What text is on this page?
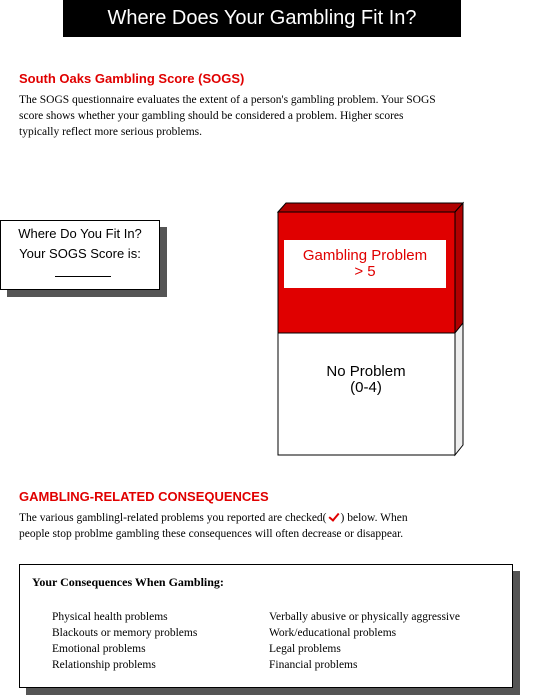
Where Does Your Gambling Fit In?
South Oaks Gambling Score (SOGS)

The SOGS questionnaire evaluates the extent of a person's gambling problem. Your SOGS

score shows whether your gambling should be considered a problem. Higher scores

typically reflect more serious problems.

Where Do You Fit In?
Your SOGS Score is:	Gambling Problem
> 5
No Problem
(0-4)
GAMBLING-RELATED CONSEQUENCES

The various gamblingl-related problems you reported are checked( ) below. When

people stop problme gambling these consequences will often decrease or disappear.

Your Consequences When Gambling:
Physical health problems
Blackouts or memory problems
Emotional problems
Relationship problems
Verbally abusive or physically aggressive
Work/educational problems
Legal problems
Financial problems
